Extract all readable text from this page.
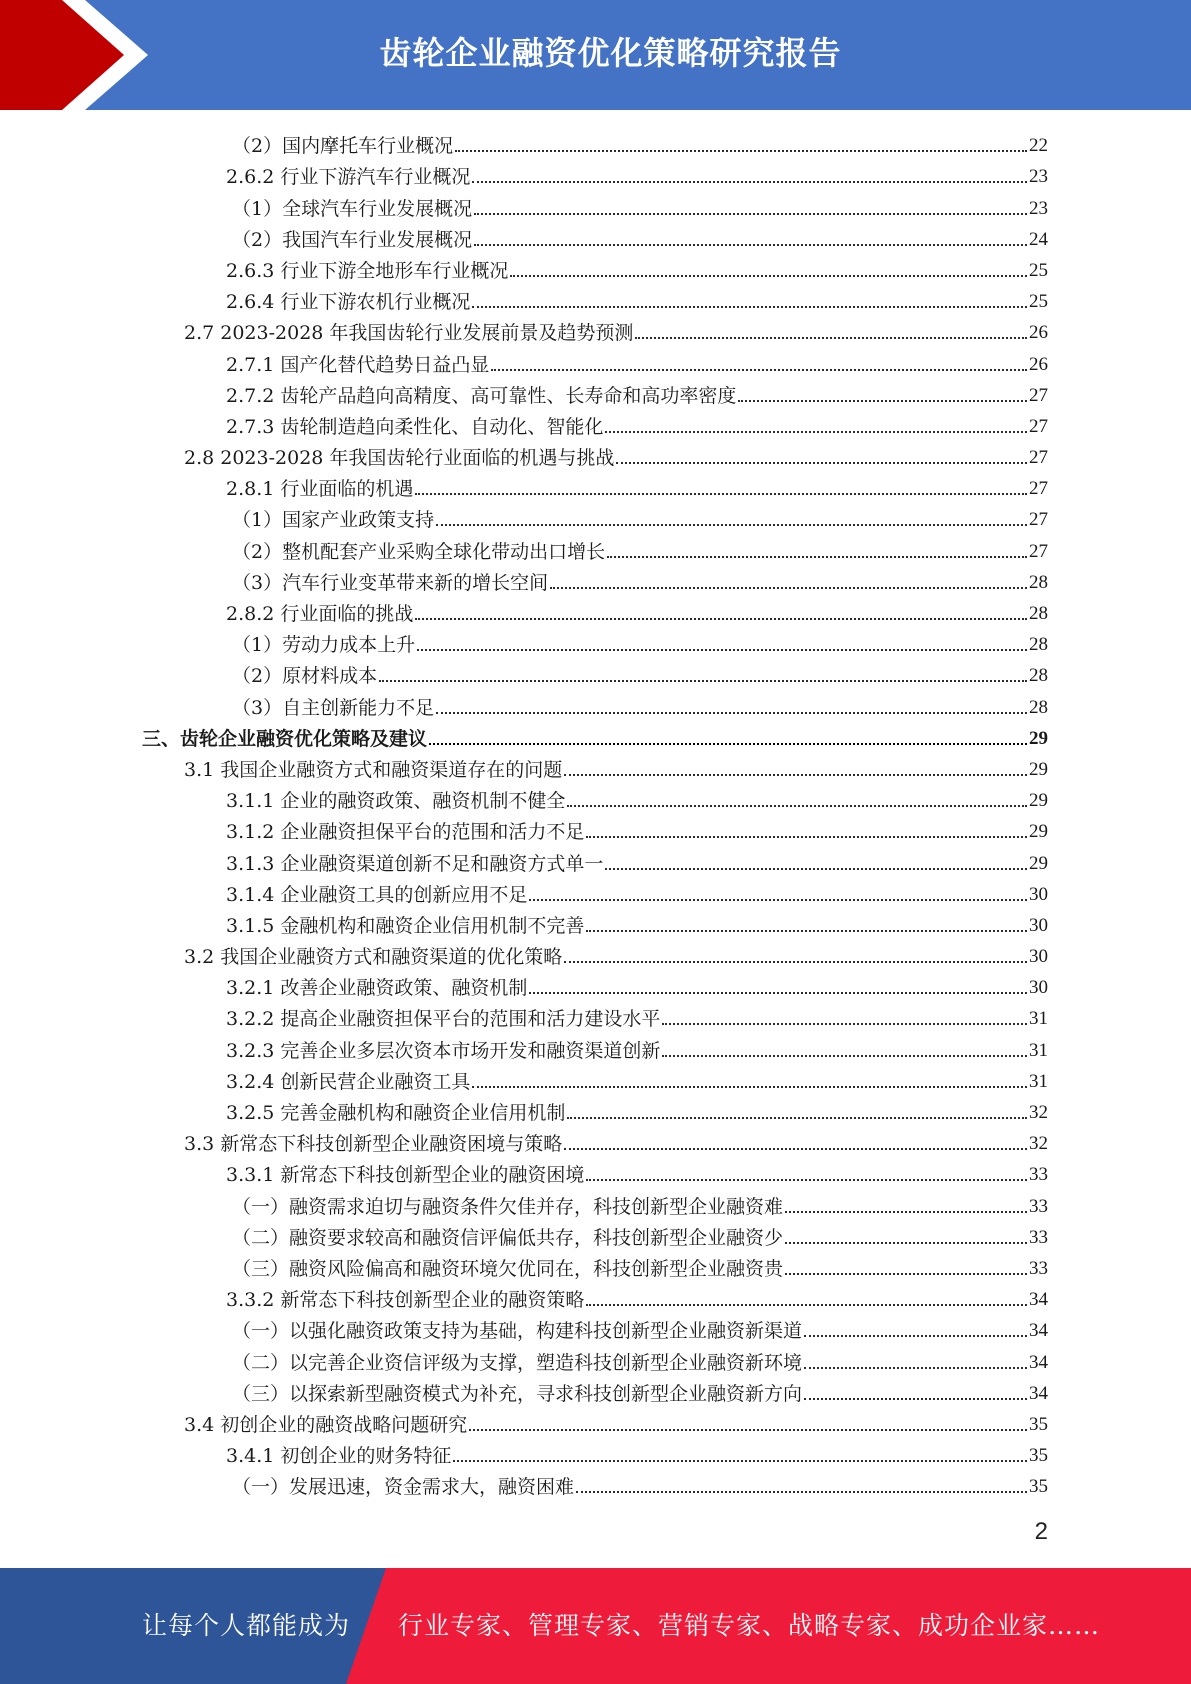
齿轮企业融资优化策略研究报告
（2）国内摩托车行业概况	22
2.6.2 行业下游汽车行业概况	23
（1）全球汽车行业发展概况	23
（2）我国汽车行业发展概况	24
2.6.3 行业下游全地形车行业概况	25
2.6.4 行业下游农机行业概况	25
2.7 2023-2028 年我国齿轮行业发展前景及趋势预测	26
2.7.1 国产化替代趋势日益凸显	26
2.7.2 齿轮产品趋向高精度、高可靠性、长寿命和高功率密度	27
2.7.3 齿轮制造趋向柔性化、自动化、智能化	27
2.8 2023-2028 年我国齿轮行业面临的机遇与挑战	27
2.8.1 行业面临的机遇	27
（1）国家产业政策支持	27
（2）整机配套产业采购全球化带动出口增长	27
（3）汽车行业变革带来新的增长空间	28
2.8.2 行业面临的挑战	28
（1）劳动力成本上升	28
（2）原材料成本	28
（3）自主创新能力不足	28
三、齿轮企业融资优化策略及建议	29
3.1 我国企业融资方式和融资渠道存在的问题	29
3.1.1 企业的融资政策、融资机制不健全	29
3.1.2 企业融资担保平台的范围和活力不足	29
3.1.3 企业融资渠道创新不足和融资方式单一	29
3.1.4 企业融资工具的创新应用不足	30
3.1.5 金融机构和融资企业信用机制不完善	30
3.2 我国企业融资方式和融资渠道的优化策略	30
3.2.1 改善企业融资政策、融资机制	30
3.2.2 提高企业融资担保平台的范围和活力建设水平	31
3.2.3 完善企业多层次资本市场开发和融资渠道创新	31
3.2.4 创新民营企业融资工具	31
3.2.5 完善金融机构和融资企业信用机制	32
3.3 新常态下科技创新型企业融资困境与策略	32
3.3.1 新常态下科技创新型企业的融资困境	33
（一）融资需求迫切与融资条件欠佳并存，科技创新型企业融资难	33
（二）融资要求较高和融资信评偏低共存，科技创新型企业融资少	33
（三）融资风险偏高和融资环境欠优同在，科技创新型企业融资贵	33
3.3.2 新常态下科技创新型企业的融资策略	34
（一）以强化融资政策支持为基础，构建科技创新型企业融资新渠道	34
（二）以完善企业资信评级为支撑，塑造科技创新型企业融资新环境	34
（三）以探索新型融资模式为补充，寻求科技创新型企业融资新方向	34
3.4 初创企业的融资战略问题研究	35
3.4.1 初创企业的财务特征	35
（一）发展迅速，资金需求大，融资困难	35
2
让每个人都能成为 行业专家、管理专家、营销专家、战略专家、成功企业家……
